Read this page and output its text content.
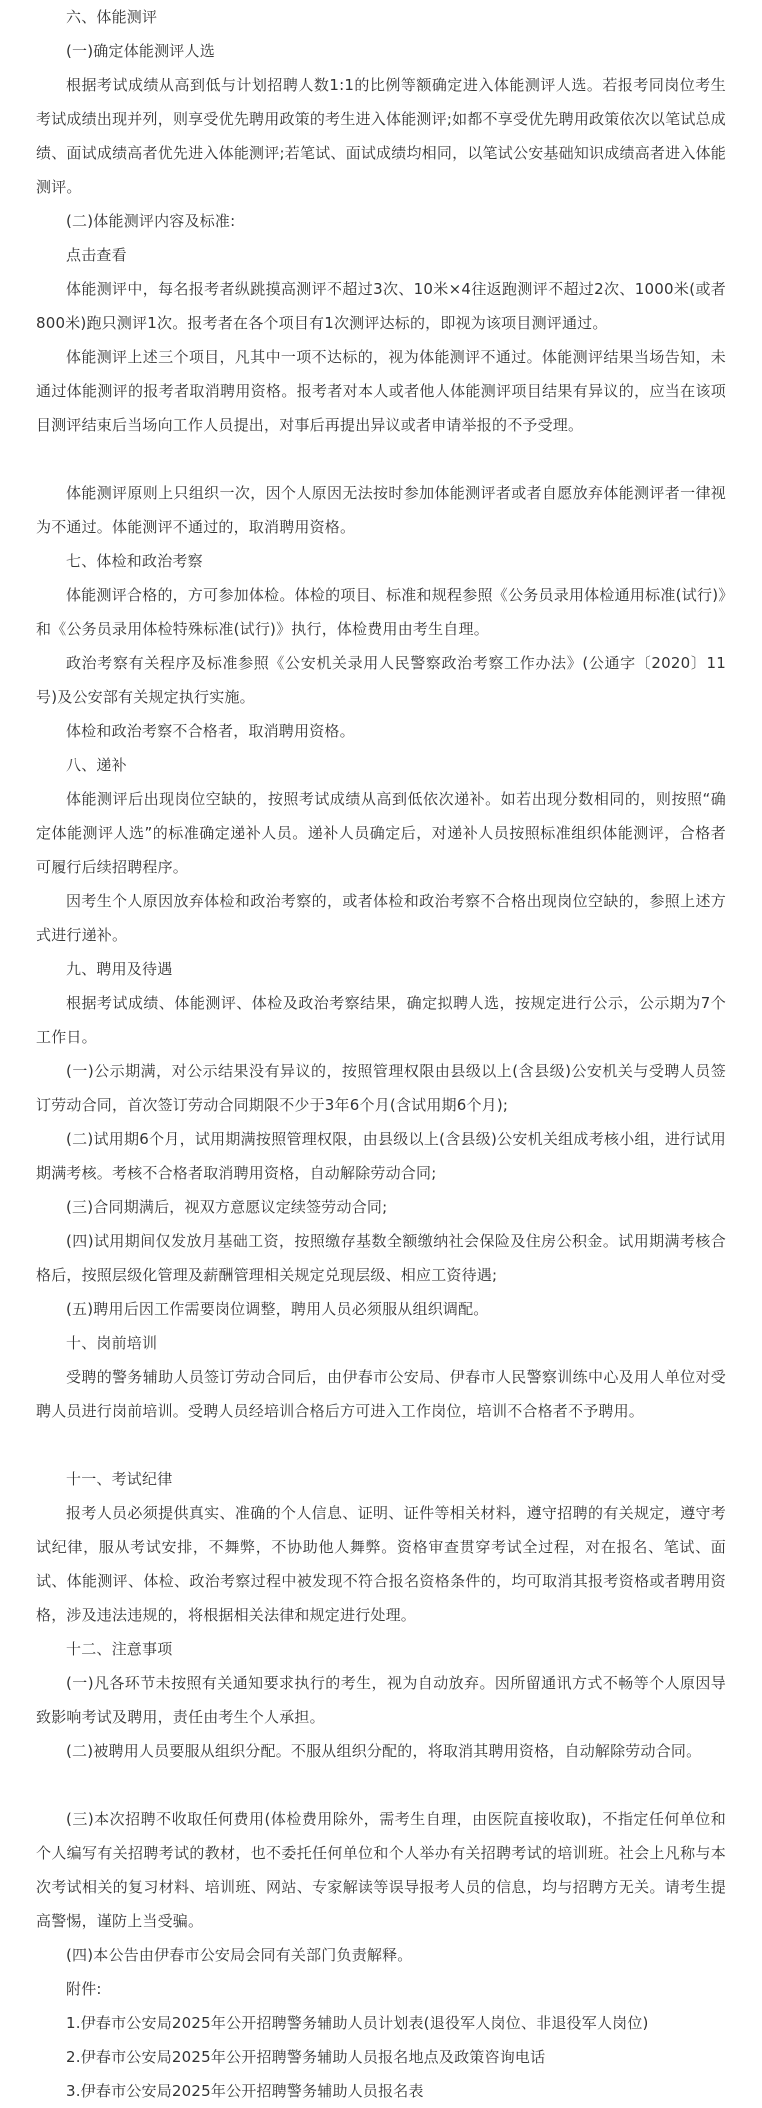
六、体能测评

(一)确定体能测评人选

根据考试成绩从高到低与计划招聘人数1:1的比例等额确定进入体能测评人选。若报考同岗位考生考试成绩出现并列，则享受优先聘用政策的考生进入体能测评;如都不享受优先聘用政策依次以笔试总成绩、面试成绩高者优先进入体能测评;若笔试、面试成绩均相同，以笔试公安基础知识成绩高者进入体能测评。

(二)体能测评内容及标准:

点击查看

体能测评中，每名报考者纵跳摸高测评不超过3次、10米×4往返跑测评不超过2次、1000米(或者800米)跑只测评1次。报考者在各个项目有1次测评达标的，即视为该项目测评通过。

体能测评上述三个项目，凡其中一项不达标的，视为体能测评不通过。体能测评结果当场告知，未通过体能测评的报考者取消聘用资格。报考者对本人或者他人体能测评项目结果有异议的，应当在该项目测评结束后当场向工作人员提出，对事后再提出异议或者申请举报的不予受理。

体能测评原则上只组织一次，因个人原因无法按时参加体能测评者或者自愿放弃体能测评者一律视为不通过。体能测评不通过的，取消聘用资格。

七、体检和政治考察

体能测评合格的，方可参加体检。体检的项目、标准和规程参照《公务员录用体检通用标准(试行)》和《公务员录用体检特殊标准(试行)》执行，体检费用由考生自理。

政治考察有关程序及标准参照《公安机关录用人民警察政治考察工作办法》(公通字〔2020〕11号)及公安部有关规定执行实施。

体检和政治考察不合格者，取消聘用资格。

八、递补

体能测评后出现岗位空缺的，按照考试成绩从高到低依次递补。如若出现分数相同的，则按照“确定体能测评人选”的标准确定递补人员。递补人员确定后，对递补人员按照标准组织体能测评，合格者可履行后续招聘程序。

因考生个人原因放弃体检和政治考察的，或者体检和政治考察不合格出现岗位空缺的，参照上述方式进行递补。

九、聘用及待遇

根据考试成绩、体能测评、体检及政治考察结果，确定拟聘人选，按规定进行公示，公示期为7个工作日。

(一)公示期满，对公示结果没有异议的，按照管理权限由县级以上(含县级)公安机关与受聘人员签订劳动合同，首次签订劳动合同期限不少于3年6个月(含试用期6个月);

(二)试用期6个月，试用期满按照管理权限，由县级以上(含县级)公安机关组成考核小组，进行试用期满考核。考核不合格者取消聘用资格，自动解除劳动合同;

(三)合同期满后，视双方意愿议定续签劳动合同;

(四)试用期间仅发放月基础工资，按照缴存基数全额缴纳社会保险及住房公积金。试用期满考核合格后，按照层级化管理及薪酬管理相关规定兑现层级、相应工资待遇;

(五)聘用后因工作需要岗位调整，聘用人员必须服从组织调配。

十、岗前培训

受聘的警务辅助人员签订劳动合同后，由伊春市公安局、伊春市人民警察训练中心及用人单位对受聘人员进行岗前培训。受聘人员经培训合格后方可进入工作岗位，培训不合格者不予聘用。

十一、考试纪律

报考人员必须提供真实、准确的个人信息、证明、证件等相关材料，遵守招聘的有关规定，遵守考试纪律，服从考试安排，不舞弊，不协助他人舞弊。资格审查贯穿考试全过程，对在报名、笔试、面试、体能测评、体检、政治考察过程中被发现不符合报名资格条件的，均可取消其报考资格或者聘用资格，涉及违法违规的，将根据相关法律和规定进行处理。

十二、注意事项

(一)凡各环节未按照有关通知要求执行的考生，视为自动放弃。因所留通讯方式不畅等个人原因导致影响考试及聘用，责任由考生个人承担。

(二)被聘用人员要服从组织分配。不服从组织分配的，将取消其聘用资格，自动解除劳动合同。

(三)本次招聘不收取任何费用(体检费用除外，需考生自理，由医院直接收取)，不指定任何单位和个人编写有关招聘考试的教材，也不委托任何单位和个人举办有关招聘考试的培训班。社会上凡称与本次考试相关的复习材料、培训班、网站、专家解读等误导报考人员的信息，均与招聘方无关。请考生提高警惕，谨防上当受骗。

(四)本公告由伊春市公安局会同有关部门负责解释。

附件:

1.伊春市公安局2025年公开招聘警务辅助人员计划表(退役军人岗位、非退役军人岗位)

2.伊春市公安局2025年公开招聘警务辅助人员报名地点及政策咨询电话

3.伊春市公安局2025年公开招聘警务辅助人员报名表
